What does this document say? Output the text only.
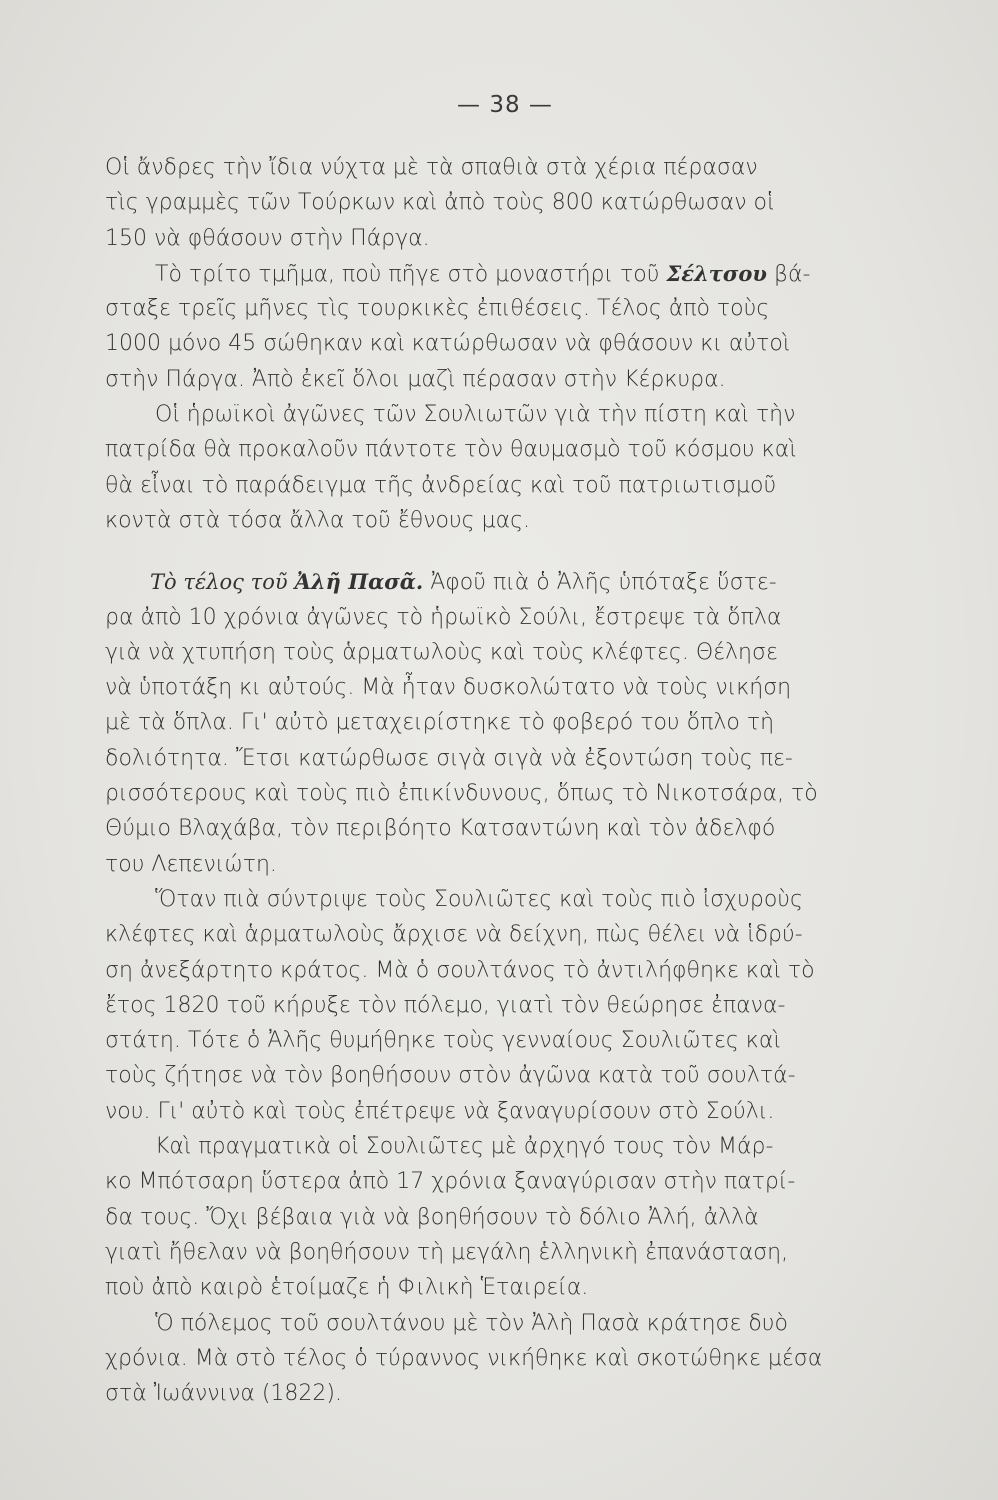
— 38 —
Οἱ ἄνδρες τὴν ἴδια νύχτα μὲ τὰ σπαθιὰ στὰ χέρια πέρασαν
τὶς γραμμὲς τῶν Τούρκων καὶ ἀπὸ τοὺς 800 κατώρθωσαν οἱ
150 νὰ φθάσουν στὴν Πάργα.
Τὸ τρίτο τμῆμα, ποὺ πῆγε στὸ μοναστήρι τοῦ Σέλτσου βά-
σταξε τρεῖς μῆνες τὶς τουρκικὲς ἐπιθέσεις. Τέλος ἀπὸ τοὺς
1000 μόνο 45 σώθηκαν καὶ κατώρθωσαν νὰ φθάσουν κι αὐτοὶ
στὴν Πάργα. Ἀπὸ ἐκεῖ ὅλοι μαζὶ πέρασαν στὴν Κέρκυρα.
Οἱ ἡρωϊκοὶ ἀγῶνες τῶν Σουλιωτῶν γιὰ τὴν πίστη καὶ τὴν
πατρίδα θὰ προκαλοῦν πάντοτε τὸν θαυμασμὸ τοῦ κόσμου καὶ
θὰ εἶναι τὸ παράδειγμα τῆς ἀνδρείας καὶ τοῦ πατριωτισμοῦ
κοντὰ στὰ τόσα ἄλλα τοῦ ἔθνους μας.
Τὸ τέλος τοῦ Ἀλῆ Πασᾶ. Ἀφοῦ πιὰ ὁ Ἀλῆς ὑπόταξε ὕστε-
ρα ἀπὸ 10 χρόνια ἀγῶνες τὸ ἡρωϊκὸ Σούλι, ἔστρεψε τὰ ὅπλα
γιὰ νὰ χτυπήση τοὺς ἁρματωλοὺς καὶ τοὺς κλέφτες. Θέλησε
νὰ ὑποτάξη κι αὐτούς. Μὰ ἦταν δυσκολώτατο νὰ τοὺς νικήση
μὲ τὰ ὅπλα. Γι' αὐτὸ μεταχειρίστηκε τὸ φοβερό του ὅπλο τὴ
δολιότητα. Ἔτσι κατώρθωσε σιγὰ σιγὰ νὰ ἐξοντώση τοὺς πε-
ρισσότερους καὶ τοὺς πιὸ ἐπικίνδυνους, ὅπως τὸ Νικοτσάρα, τὸ
Θύμιο Βλαχάβα, τὸν περιβόητο Κατσαντώνη καὶ τὸν ἀδελφό
του Λεπενιώτη.
Ὅταν πιὰ σύντριψε τοὺς Σουλιῶτες καὶ τοὺς πιὸ ἰσχυροὺς
κλέφτες καὶ ἁρματωλοὺς ἄρχισε νὰ δείχνη, πὼς θέλει νὰ ἱδρύ-
ση ἀνεξάρτητο κράτος. Μὰ ὁ σουλτάνος τὸ ἀντιλήφθηκε καὶ τὸ
ἔτος 1820 τοῦ κήρυξε τὸν πόλεμο, γιατὶ τὸν θεώρησε ἐπανα-
στάτη. Τότε ὁ Ἀλῆς θυμήθηκε τοὺς γενναίους Σουλιῶτες καὶ
τοὺς ζήτησε νὰ τὸν βοηθήσουν στὸν ἀγῶνα κατὰ τοῦ σουλτά-
νου. Γι' αὐτὸ καὶ τοὺς ἐπέτρεψε νὰ ξαναγυρίσουν στὸ Σούλι.
Καὶ πραγματικὰ οἱ Σουλιῶτες μὲ ἀρχηγό τους τὸν Μάρ-
κο Μπότσαρη ὕστερα ἀπὸ 17 χρόνια ξαναγύρισαν στὴν πατρί-
δα τους. Ὄχι βέβαια γιὰ νὰ βοηθήσουν τὸ δόλιο Ἀλή, ἀλλὰ
γιατὶ ἤθελαν νὰ βοηθήσουν τὴ μεγάλη ἑλληνικὴ ἐπανάσταση,
ποὺ ἀπὸ καιρὸ ἑτοίμαζε ἡ Φιλικὴ Ἑταιρεία.
Ὁ πόλεμος τοῦ σουλτάνου μὲ τὸν Ἀλὴ Πασὰ κράτησε δυὸ
χρόνια. Μὰ στὸ τέλος ὁ τύραννος νικήθηκε καὶ σκοτώθηκε μέσα
στὰ Ἰωάννινα (1822).
